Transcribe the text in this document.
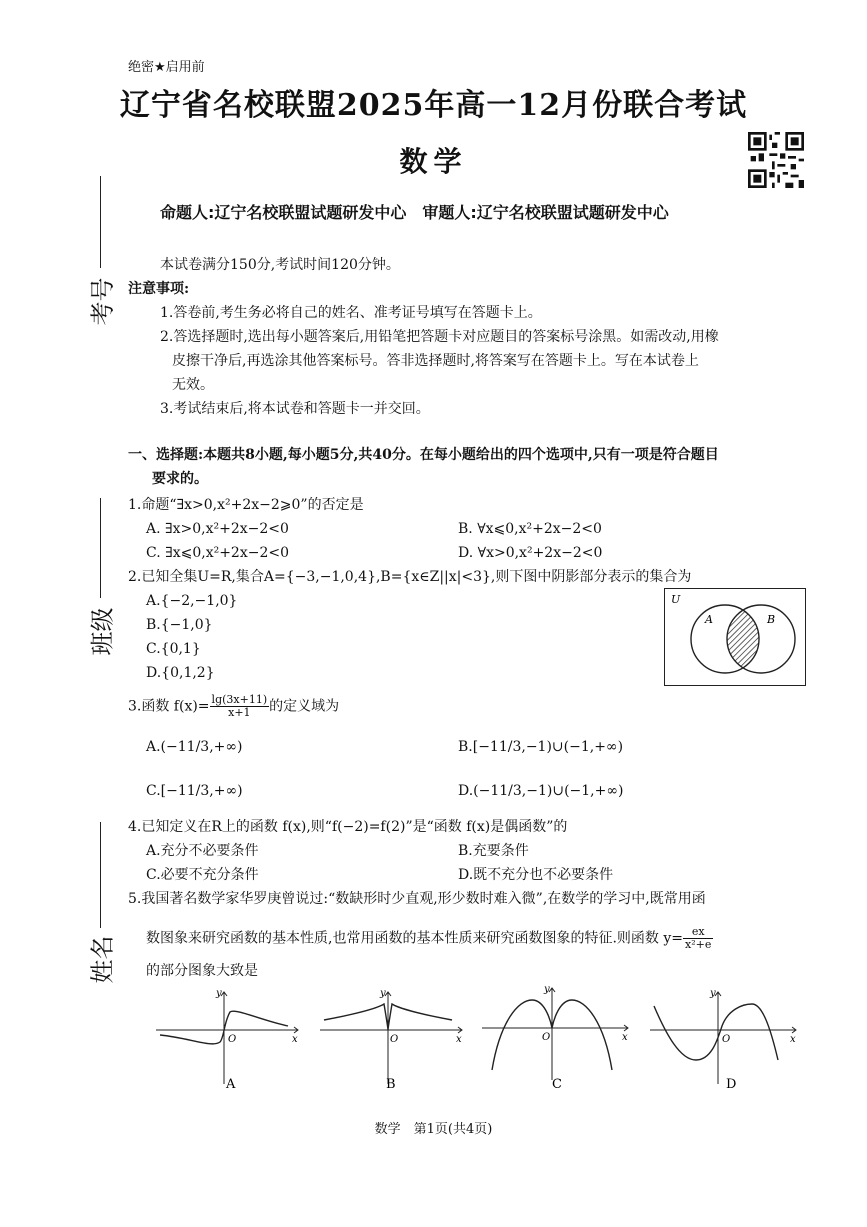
绝密★启用前
辽宁省名校联盟2025年高一12月份联合考试
数学
命题人:辽宁名校联盟试题研发中心　审题人:辽宁名校联盟试题研发中心
考号
班级
姓名
本试卷满分150分,考试时间120分钟。
注意事项:
1.答卷前,考生务必将自己的姓名、准考证号填写在答题卡上。
2.答选择题时,选出每小题答案后,用铅笔把答题卡对应题目的答案标号涂黑。如需改动,用橡
皮擦干净后,再选涂其他答案标号。答非选择题时,将答案写在答题卡上。写在本试卷上
无效。
3.考试结束后,将本试卷和答题卡一并交回。
一、选择题:本题共8小题,每小题5分,共40分。在每小题给出的四个选项中,只有一项是符合题目
要求的。
1.命题“∃x>0,x²+2x−2⩾0”的否定是
A. ∃x>0,x²+2x−2<0	B. ∀x⩽0,x²+2x−2<0
C. ∃x⩽0,x²+2x−2<0	D. ∀x>0,x²+2x−2<0
2.已知全集U=R,集合A={−3,−1,0,4},B={x∈Z||x|<3},则下图中阴影部分表示的集合为
A.{−2,−1,0}
B.{−1,0}
C.{0,1}
D.{0,1,2}
U
A	B
3.函数 $f(x)= \frac{\lg(3x+11)}{x+1}$ 的定义域为
A.(−11/3,+∞)	B.[−11/3,−1)∪(−1,+∞)
C.[−11/3,+∞)	D.(−11/3,−1)∪(−1,+∞)
4.已知定义在R上的函数 f(x),则“f(−2)=f(2)”是“函数 f(x)是偶函数”的
A.充分不必要条件	B.充要条件
C.必要不充分条件	D.既不充分也不必要条件
5.我国著名数学家华罗庚曾说过:“数缺形时少直观,形少数时难入微”,在数学的学习中,既常用函
数图象来研究函数的基本性质,也常用函数的基本性质来研究函数图象的特征.则函数 $y= \frac{ex}{\text{x²+e}}$
的部分图象大致是
y
x
O
A
y
x
O
B
y
x
O
C
y
x
O
D
数学　第1页(共4页)
